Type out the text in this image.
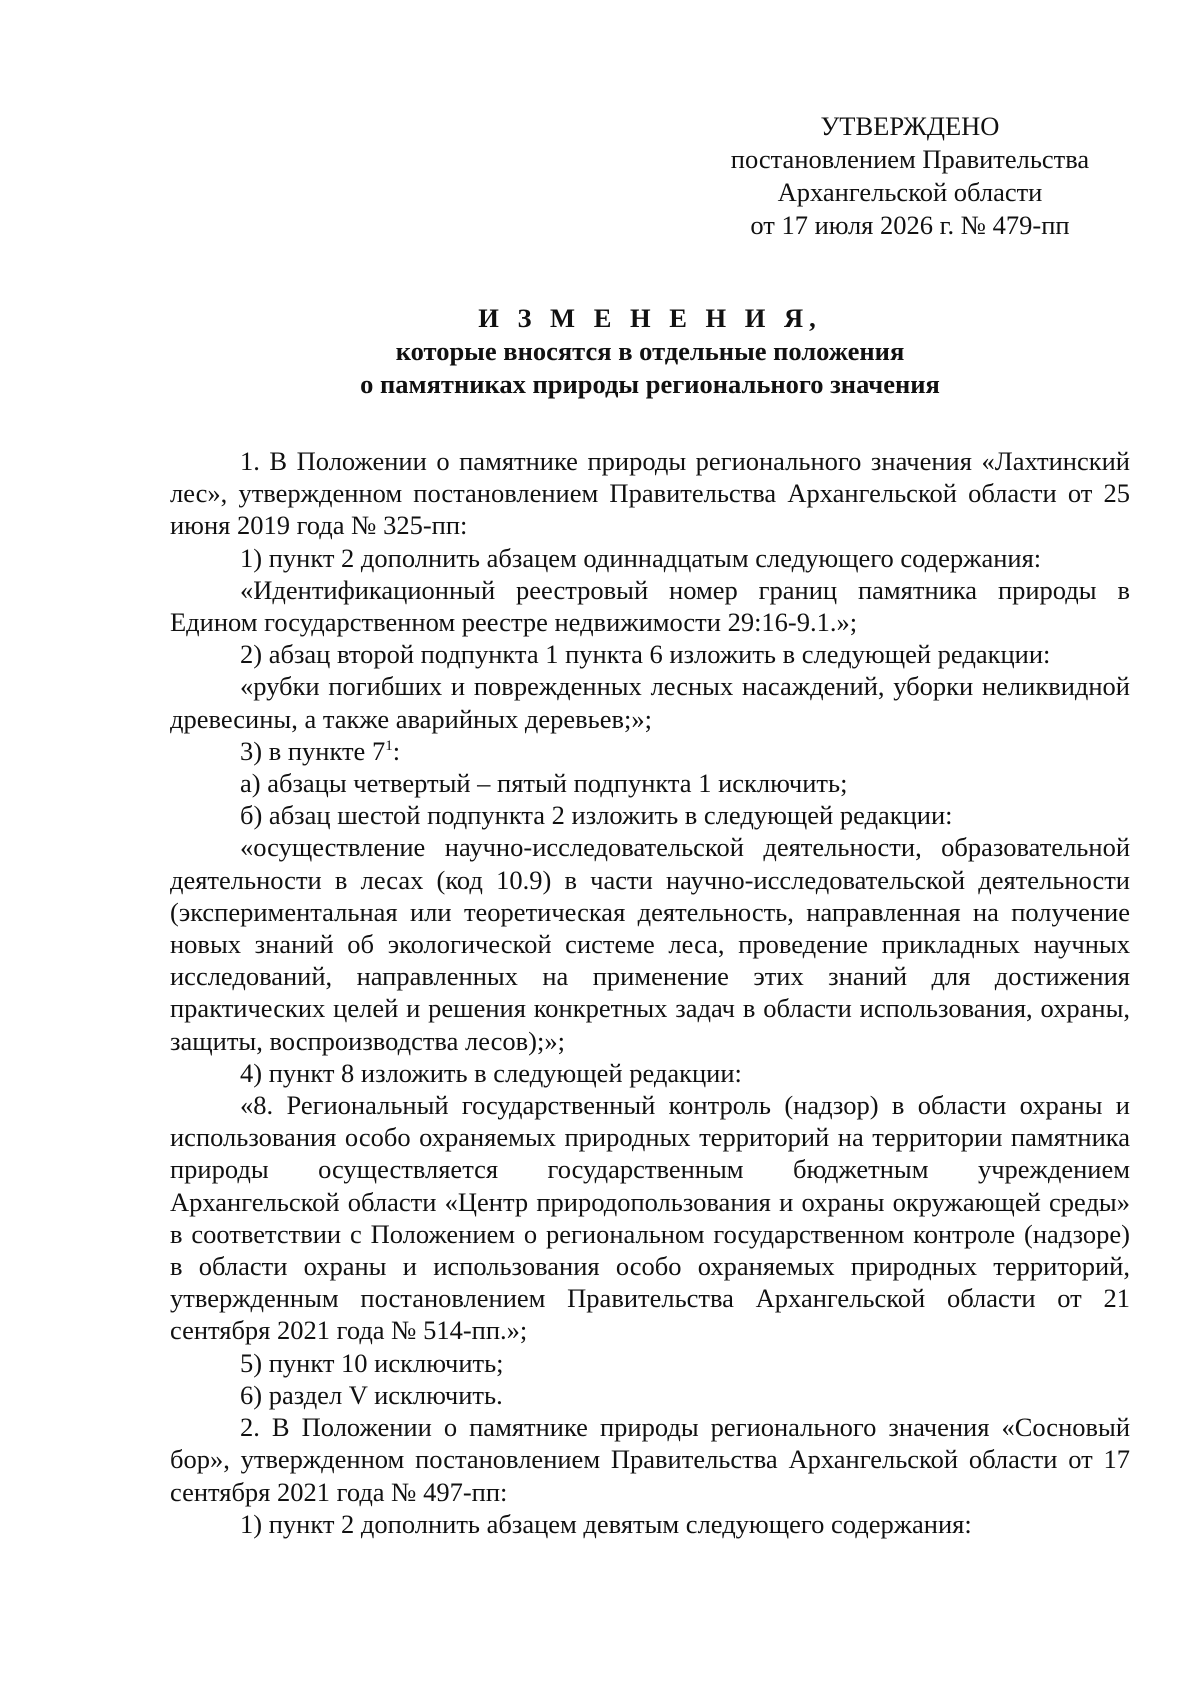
УТВЕРЖДЕНО
постановлением Правительства
Архангельской области
от 17 июля 2026 г. № 479-пп
И З М Е Н Е Н И Я,
которые вносятся в отдельные положения
о памятниках природы регионального значения

1. В Положении о памятнике природы регионального значения «Лахтинский лес», утвержденном постановлением Правительства Архангельской области от 25 июня 2019 года № 325-пп:

1) пункт 2 дополнить абзацем одиннадцатым следующего содержания:

«Идентификационный реестровый номер границ памятника природы в Едином государственном реестре недвижимости 29:16-9.1.»;

2) абзац второй подпункта 1 пункта 6 изложить в следующей редакции:

«рубки погибших и поврежденных лесных насаждений, уборки неликвидной древесины, а также аварийных деревьев;»;

3) в пункте $7^1$:

а) абзацы четвертый – пятый подпункта 1 исключить;

б) абзац шестой подпункта 2 изложить в следующей редакции:

«осуществление научно-исследовательской деятельности, образовательной деятельности в лесах (код 10.9) в части научно-исследовательской деятельности (экспериментальная или теоретическая деятельность, направленная на получение новых знаний об экологической системе леса, проведение прикладных научных исследований, направленных на применение этих знаний для достижения практических целей и решения конкретных задач в области использования, охраны, защиты, воспроизводства лесов);»;

4) пункт 8 изложить в следующей редакции:

«8. Региональный государственный контроль (надзор) в области охраны и использования особо охраняемых природных территорий на территории памятника природы осуществляется государственным бюджетным учреждением Архангельской области «Центр природопользования и охраны окружающей среды» в соответствии с Положением о региональном государственном контроле (надзоре) в области охраны и использования особо охраняемых природных территорий, утвержденным постановлением Правительства Архангельской области от 21 сентября 2021 года № 514-пп.»;

5) пункт 10 исключить;

6) раздел V исключить.

2. В Положении о памятнике природы регионального значения «Сосновый бор», утвержденном постановлением Правительства Архангельской области от 17 сентября 2021 года № 497-пп:

1) пункт 2 дополнить абзацем девятым следующего содержания:
